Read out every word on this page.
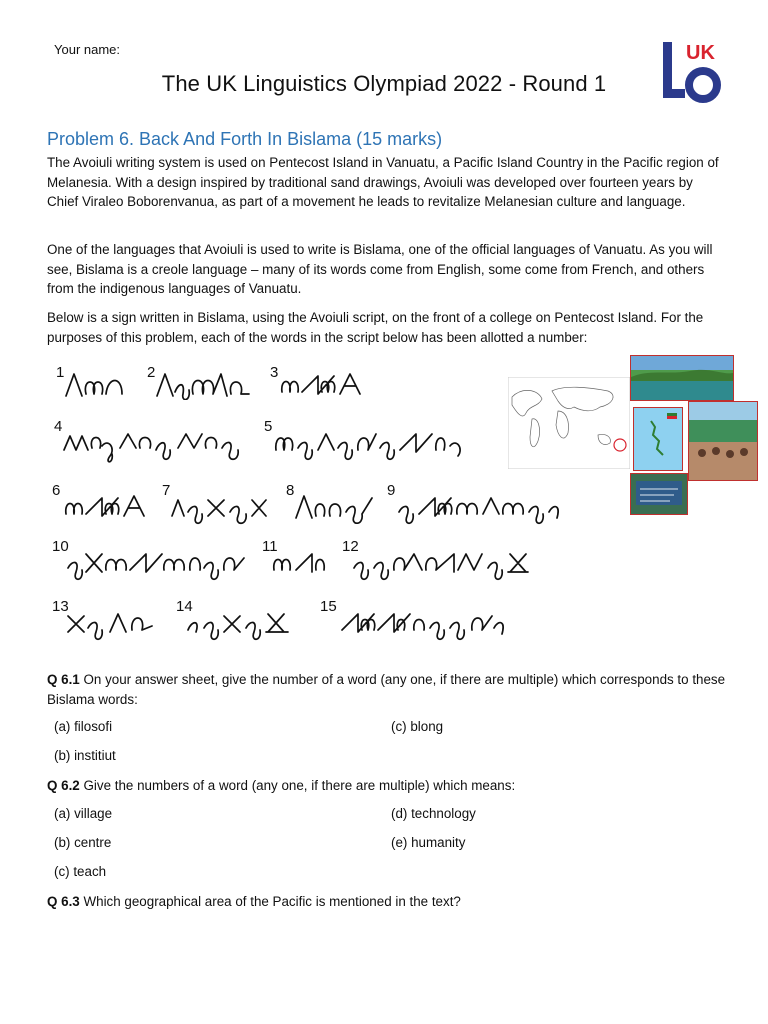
Your name:
The UK Linguistics Olympiad 2022 - Round 1
UK
Problem 6. Back And Forth In Bislama (15 marks)
The Avoiuli writing system is used on Pentecost Island in Vanuatu, a Pacific Island Country in the Pacific region of Melanesia. With a design inspired by traditional sand drawings, Avoiuli was developed over fourteen years by Chief Viraleo Boborenvanua, as part of a movement he leads to revitalize Melanesian culture and language.
One of the languages that Avoiuli is used to write is Bislama, one of the official languages of Vanuatu. As you will see, Bislama is a creole language – many of its words come from English, some come from French, and others from the indigenous languages of Vanuatu.
Below is a sign written in Bislama, using the Avoiuli script, on the front of a college on Pentecost Island. For the purposes of this problem, each of the words in the script below has been allotted a number:
1	2	3
4	5
6	7	8	9
10	11	12
13	14	15
Q 6.1 On your answer sheet, give the number of a word (any one, if there are multiple) which corresponds to these Bislama words:
(a) filosofi
(b) institiut
(c) blong
Q 6.2 Give the numbers of a word (any one, if there are multiple) which means:
(a) village
(b) centre
(c) teach
(d) technology
(e) humanity
Q 6.3 Which geographical area of the Pacific is mentioned in the text?
